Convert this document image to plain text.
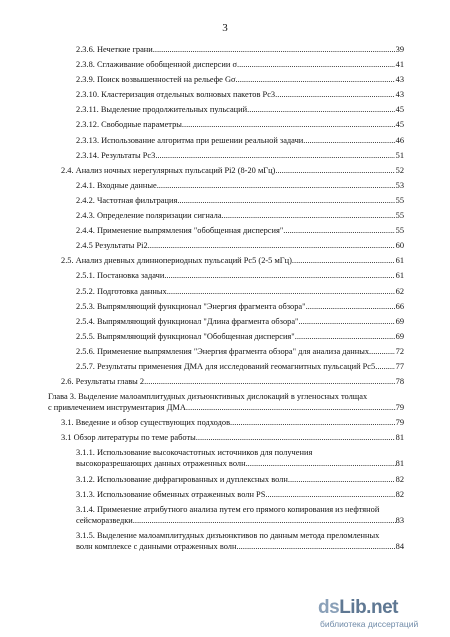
3
2.3.6. Нечеткие грани .....	39
2.3.8. Сглаживание обобщенной дисперсии σ .....	41
2.3.9. Поиск возвышенностей на рельефе Gσ .....	43
2.3.10. Кластеризация отдельных волновых пакетов Pc3 .....	43
2.3.11. Выделение продолжительных пульсаций .....	45
2.3.12. Свободные параметры .....	45
2.3.13. Использование алгоритма при решении реальной задачи .....	46
2.3.14. Результаты Pc3 .....	51
2.4. Анализ ночных нерегулярных пульсаций Pi2 (8-20 мГц) .....	52
2.4.1. Входные данные .....	53
2.4.2. Частотная фильтрация .....	55
2.4.3. Определение поляризации сигнала .....	55
2.4.4. Применение выпрямления "обобщенная дисперсия" .....	55
2.4.5 Результаты Pi2 .....	60
2.5. Анализ дневных длиннопериодных пульсаций Pc5 (2-5 мГц) .....	61
2.5.1. Постановка задачи .....	61
2.5.2. Подготовка данных .....	62
2.5.3. Выпрямляющий функционал "Энергия фрагмента обзора" .....	66
2.5.4. Выпрямляющий функционал "Длина фрагмента обзора" .....	69
2.5.5. Выпрямляющий функционал "Обобщенная дисперсия" .....	69
2.5.6. Применение выпрямления "Энергия фрагмента обзора" для анализа данных .....	72
2.5.7. Результаты применения ДМА для исследований геомагнитных пульсаций Pc5 ..... 77
2.6. Результаты главы 2 .....	78
Глава 3. Выделение малоамплитудных дизъюнктивных дислокаций в угленосных толщах
с привлечением инструментария ДМА .....	79
3.1. Введение и обзор существующих подходов .....	79
3.1 Обзор литературы по теме работы .....	81
3.1.1. Использование высокочастотных источников для получения
высокоразрешающих данных отраженных волн .....	81
3.1.2. Использование дифрагированных и дуплексных волн .....	82
3.1.3. Использование обменных отраженных волн PS .....	82
3.1.4. Применение атрибутного анализа путем его прямого копирования из нефтяной
сейсморазведки .....	83
3.1.5. Выделение малоамплитудных дизъюнктивов по данным метода преломленных
волн комплексе с данными отраженных волн .....	84
dsLib.net
библиотека диссертаций
